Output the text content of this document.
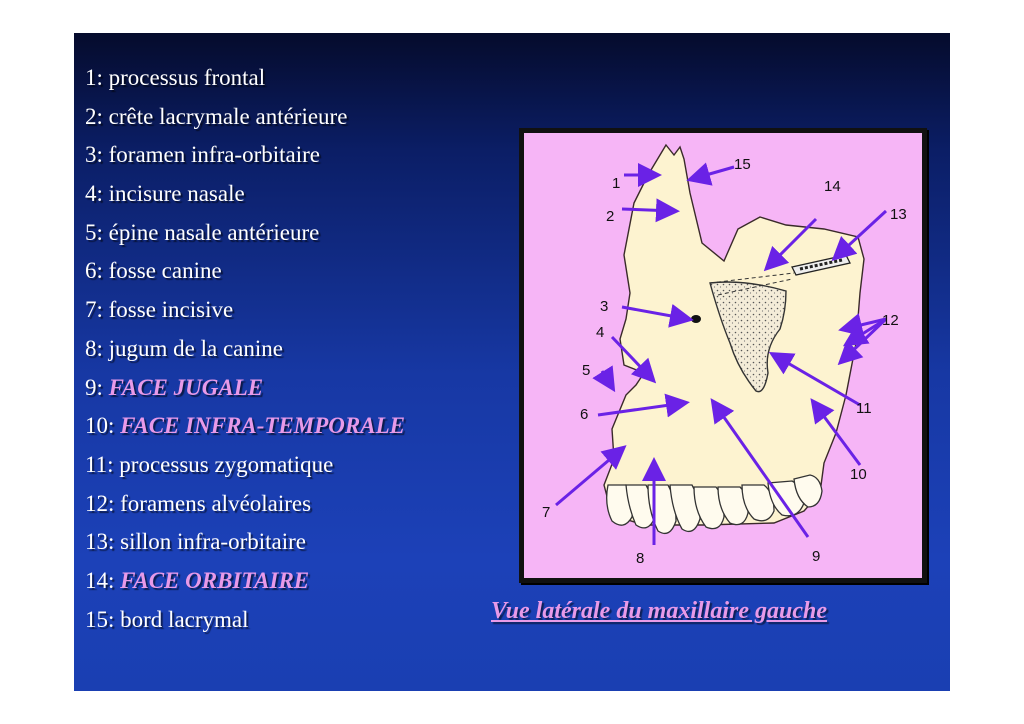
1: processus frontal
2: crête lacrymale antérieure
3: foramen infra-orbitaire
4: incisure nasale
5: épine nasale antérieure
6: fosse canine
7: fosse incisive
8: jugum de la canine
9: FACE JUGALE
10: FACE INFRA-TEMPORALE
11: processus zygomatique
12: foramens alvéolaires
13: sillon infra-orbitaire
14: FACE ORBITAIRE
15: bord lacrymal
1
2
3
4
5
6
7
8	9
10
11
12
13
14
15
Vue latérale du maxillaire gauche
